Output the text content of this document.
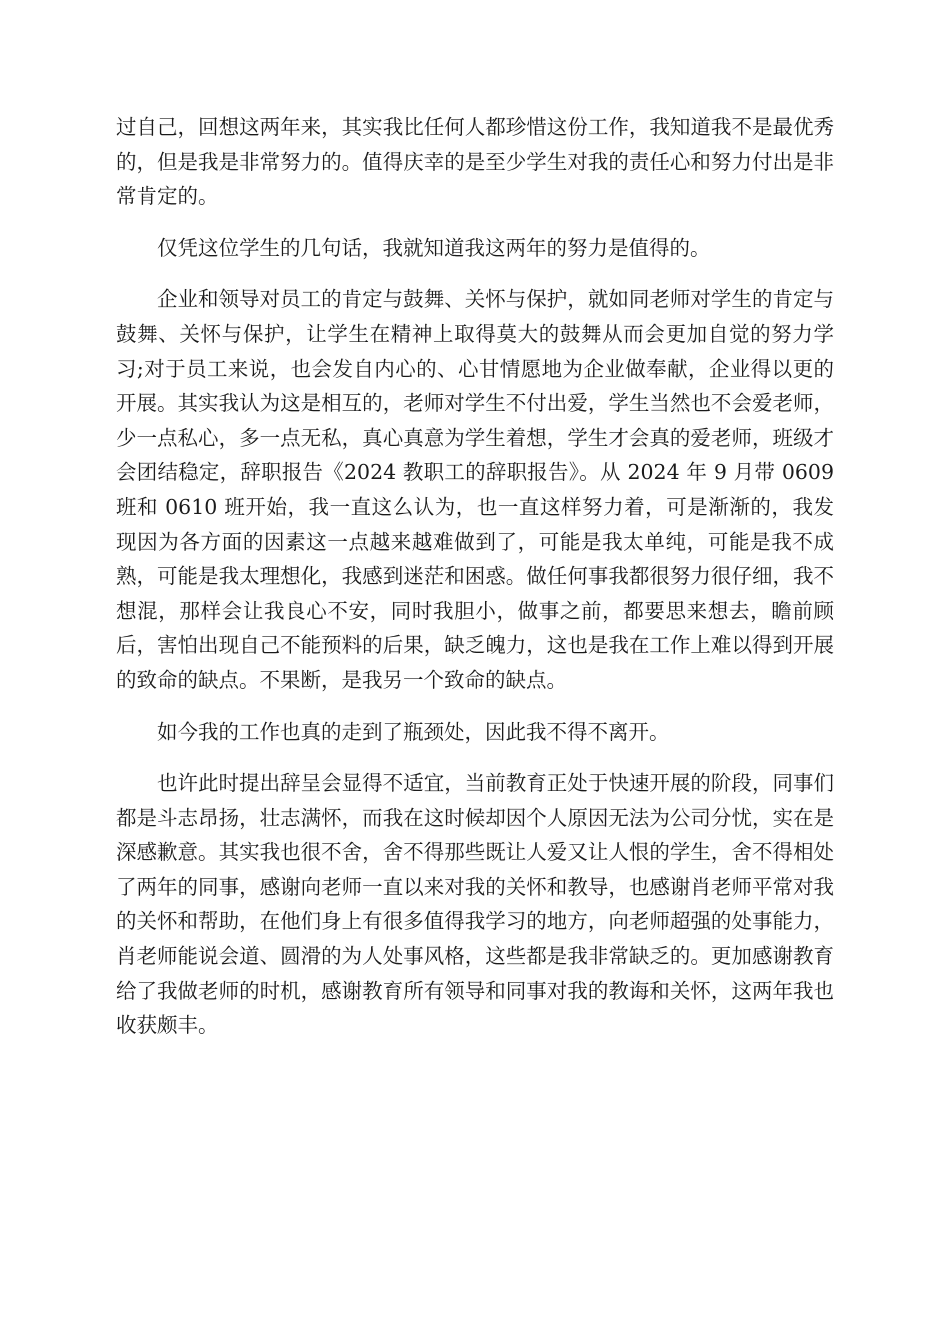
过自己，回想这两年来，其实我比任何人都珍惜这份工作，我知道我不是最优秀的，但是我是非常努力的。值得庆幸的是至少学生对我的责任心和努力付出是非常肯定的。

仅凭这位学生的几句话，我就知道我这两年的努力是值得的。

企业和领导对员工的肯定与鼓舞、关怀与保护，就如同老师对学生的肯定与鼓舞、关怀与保护，让学生在精神上取得莫大的鼓舞从而会更加自觉的努力学习;对于员工来说，也会发自内心的、心甘情愿地为企业做奉献，企业得以更的开展。其实我认为这是相互的，老师对学生不付出爱，学生当然也不会爱老师，少一点私心，多一点无私，真心真意为学生着想，学生才会真的爱老师，班级才会团结稳定，辞职报告《2024 教职工的辞职报告》。从 2024 年 9 月带 0609 班和 0610 班开始，我一直这么认为，也一直这样努力着，可是渐渐的，我发现因为各方面的因素这一点越来越难做到了，可能是我太单纯，可能是我不成熟，可能是我太理想化，我感到迷茫和困惑。做任何事我都很努力很仔细，我不想混，那样会让我良心不安，同时我胆小，做事之前，都要思来想去，瞻前顾后，害怕出现自己不能预料的后果，缺乏魄力，这也是我在工作上难以得到开展的致命的缺点。不果断，是我另一个致命的缺点。

如今我的工作也真的走到了瓶颈处，因此我不得不离开。

也许此时提出辞呈会显得不适宜，当前教育正处于快速开展的阶段，同事们都是斗志昂扬，壮志满怀，而我在这时候却因个人原因无法为公司分忧，实在是深感歉意。其实我也很不舍，舍不得那些既让人爱又让人恨的学生，舍不得相处了两年的同事，感谢向老师一直以来对我的关怀和教导，也感谢肖老师平常对我的关怀和帮助，在他们身上有很多值得我学习的地方，向老师超强的处事能力，肖老师能说会道、圆滑的为人处事风格，这些都是我非常缺乏的。更加感谢教育给了我做老师的时机，感谢教育所有领导和同事对我的教诲和关怀，这两年我也收获颇丰。
